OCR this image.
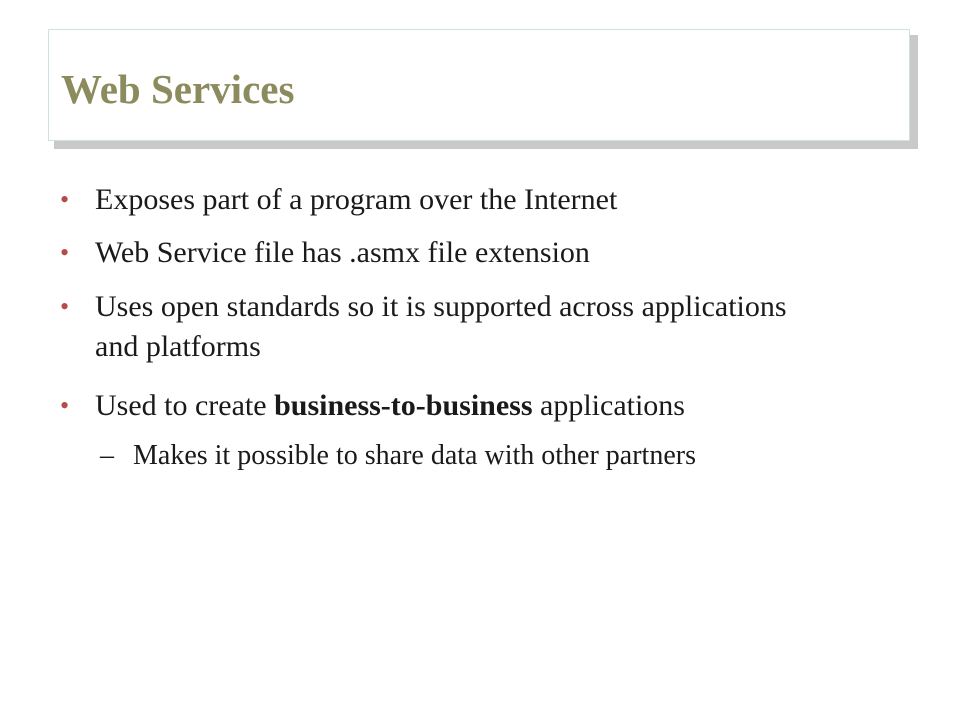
Web Services
• Exposes part of a program over the Internet
• Web Service file has .asmx file extension
• Uses open standards so it is supported across applications and platforms
• Used to create business-to-business applications
– Makes it possible to share data with other partners
